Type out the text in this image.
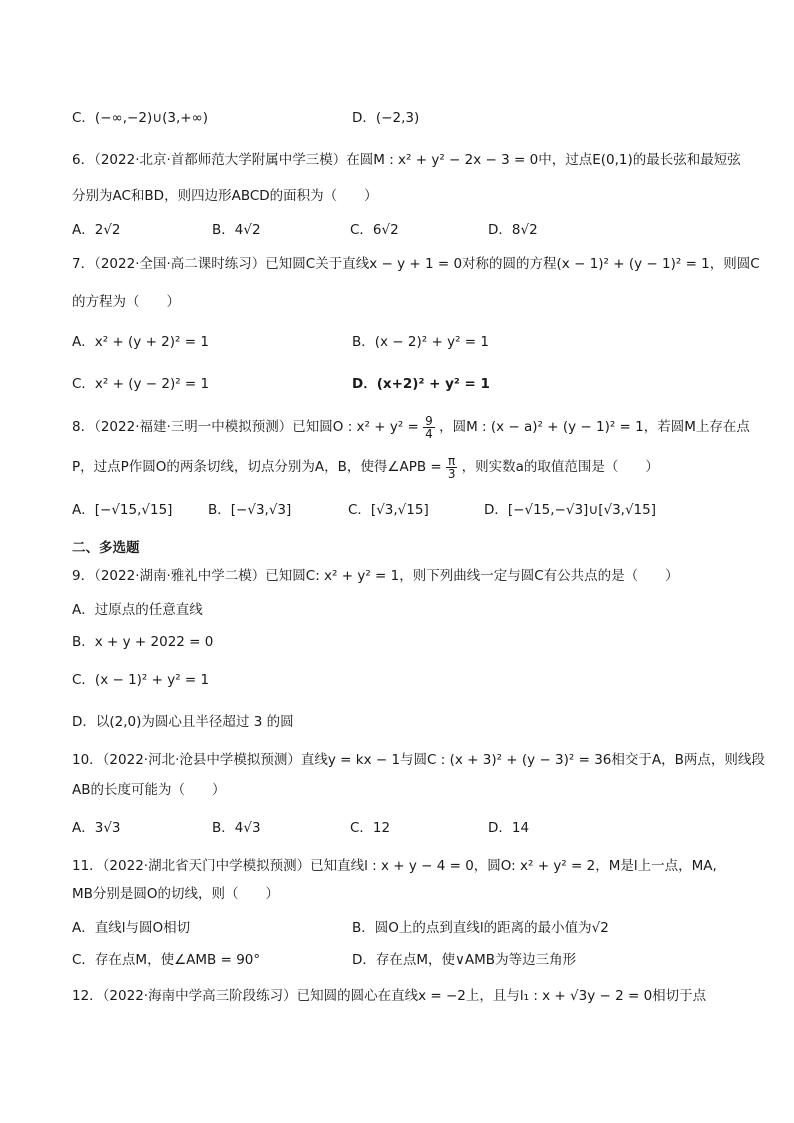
C．(−∞,−2)∪(3,+∞)	D．(−2,3)
6．（2022·北京·首都师范大学附属中学三模）在圆M : x² + y² − 2x − 3 = 0中，过点E(0,1)的最长弦和最短弦
分别为AC和BD，则四边形ABCD的面积为（　　）
A．2√2	B．4√2	C．6√2	D．8√2
7．（2022·全国·高二课时练习）已知圆C关于直线x − y + 1 = 0对称的圆的方程(x − 1)² + (y − 1)² = 1，则圆C
的方程为（　　）
A．x² + (y + 2)² = 1	B．(x − 2)² + y² = 1
C．x² + (y − 2)² = 1	D．(x+2)² + y² = 1
8．（2022·福建·三明一中模拟预测）已知圆O : $x^2 + y^2 = \frac{9}{4}$ ，圆M : (x − a)² + (y − 1)² = 1，若圆M上存在点
P，过点P作圆O的两条切线，切点分别为A，B，使得∠APB = $\frac{\pi}{3}$ ，则实数a的取值范围是（　　）
A．[−√15,√15]	B．[−√3,√3]	C．[√3,√15]	D．[−√15,−√3]∪[√3,√15]
二、多选题
9．（2022·湖南·雅礼中学二模）已知圆C: x² + y² = 1，则下列曲线一定与圆C有公共点的是（　　）
A．过原点的任意直线
B．x + y + 2022 = 0
C．(x − 1)² + y² = 1
D．以(2,0)为圆心且半径超过 3 的圆
10．（2022·河北·沧县中学模拟预测）直线y = kx − 1与圆C : (x + 3)² + (y − 3)² = 36相交于A，B两点，则线段
AB的长度可能为（　　）
A．3√3	B．4√3	C．12	D．14
11．（2022·湖北省天门中学模拟预测）已知直线l : x + y − 4 = 0，圆O: x² + y² = 2，M是l上一点，MA,
MB分别是圆O的切线，则（　　）
A．直线l与圆O相切	B．圆O上的点到直线l的距离的最小值为√2
C．存在点M，使∠AMB = 90°	D．存在点M，使∨AMB为等边三角形
12．（2022·海南中学高三阶段练习）已知圆的圆心在直线x = −2上，且与l₁ : x + √3y − 2 = 0相切于点
